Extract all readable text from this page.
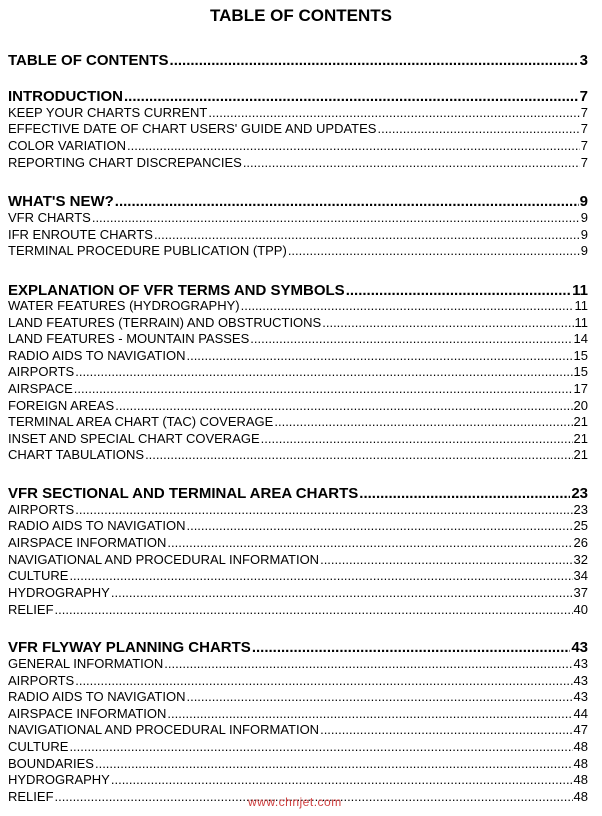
TABLE OF CONTENTS
TABLE OF CONTENTS .....	3
INTRODUCTION .....	7
KEEP YOUR CHARTS CURRENT .....	7
EFFECTIVE DATE OF CHART USERS' GUIDE AND UPDATES .....	7
COLOR VARIATION .....	7
REPORTING CHART DISCREPANCIES .....	7
WHAT'S NEW? .....	9
VFR CHARTS .....	9
IFR ENROUTE CHARTS .....	9
TERMINAL PROCEDURE PUBLICATION (TPP) .....	9
EXPLANATION OF VFR TERMS AND SYMBOLS .....	11
WATER FEATURES (HYDROGRAPHY) .....	11
LAND FEATURES (TERRAIN) AND OBSTRUCTIONS .....	11
LAND FEATURES - MOUNTAIN PASSES .....	14
RADIO AIDS TO NAVIGATION .....	15
AIRPORTS .....	15
AIRSPACE .....	17
FOREIGN AREAS .....	20
TERMINAL AREA CHART (TAC) COVERAGE .....	21
INSET AND SPECIAL CHART COVERAGE .....	21
CHART TABULATIONS .....	21
VFR SECTIONAL AND TERMINAL AREA CHARTS .....	23
AIRPORTS .....	23
RADIO AIDS TO NAVIGATION .....	25
AIRSPACE INFORMATION .....	26
NAVIGATIONAL AND PROCEDURAL INFORMATION .....	32
CULTURE .....	34
HYDROGRAPHY .....	37
RELIEF .....	40
VFR FLYWAY PLANNING CHARTS .....	43
GENERAL INFORMATION .....	43
AIRPORTS .....	43
RADIO AIDS TO NAVIGATION .....	43
AIRSPACE INFORMATION .....	44
NAVIGATIONAL AND PROCEDURAL INFORMATION .....	47
CULTURE .....	48
BOUNDARIES .....	48
HYDROGRAPHY .....	48
RELIEF .....	48
www.chnjet.com
